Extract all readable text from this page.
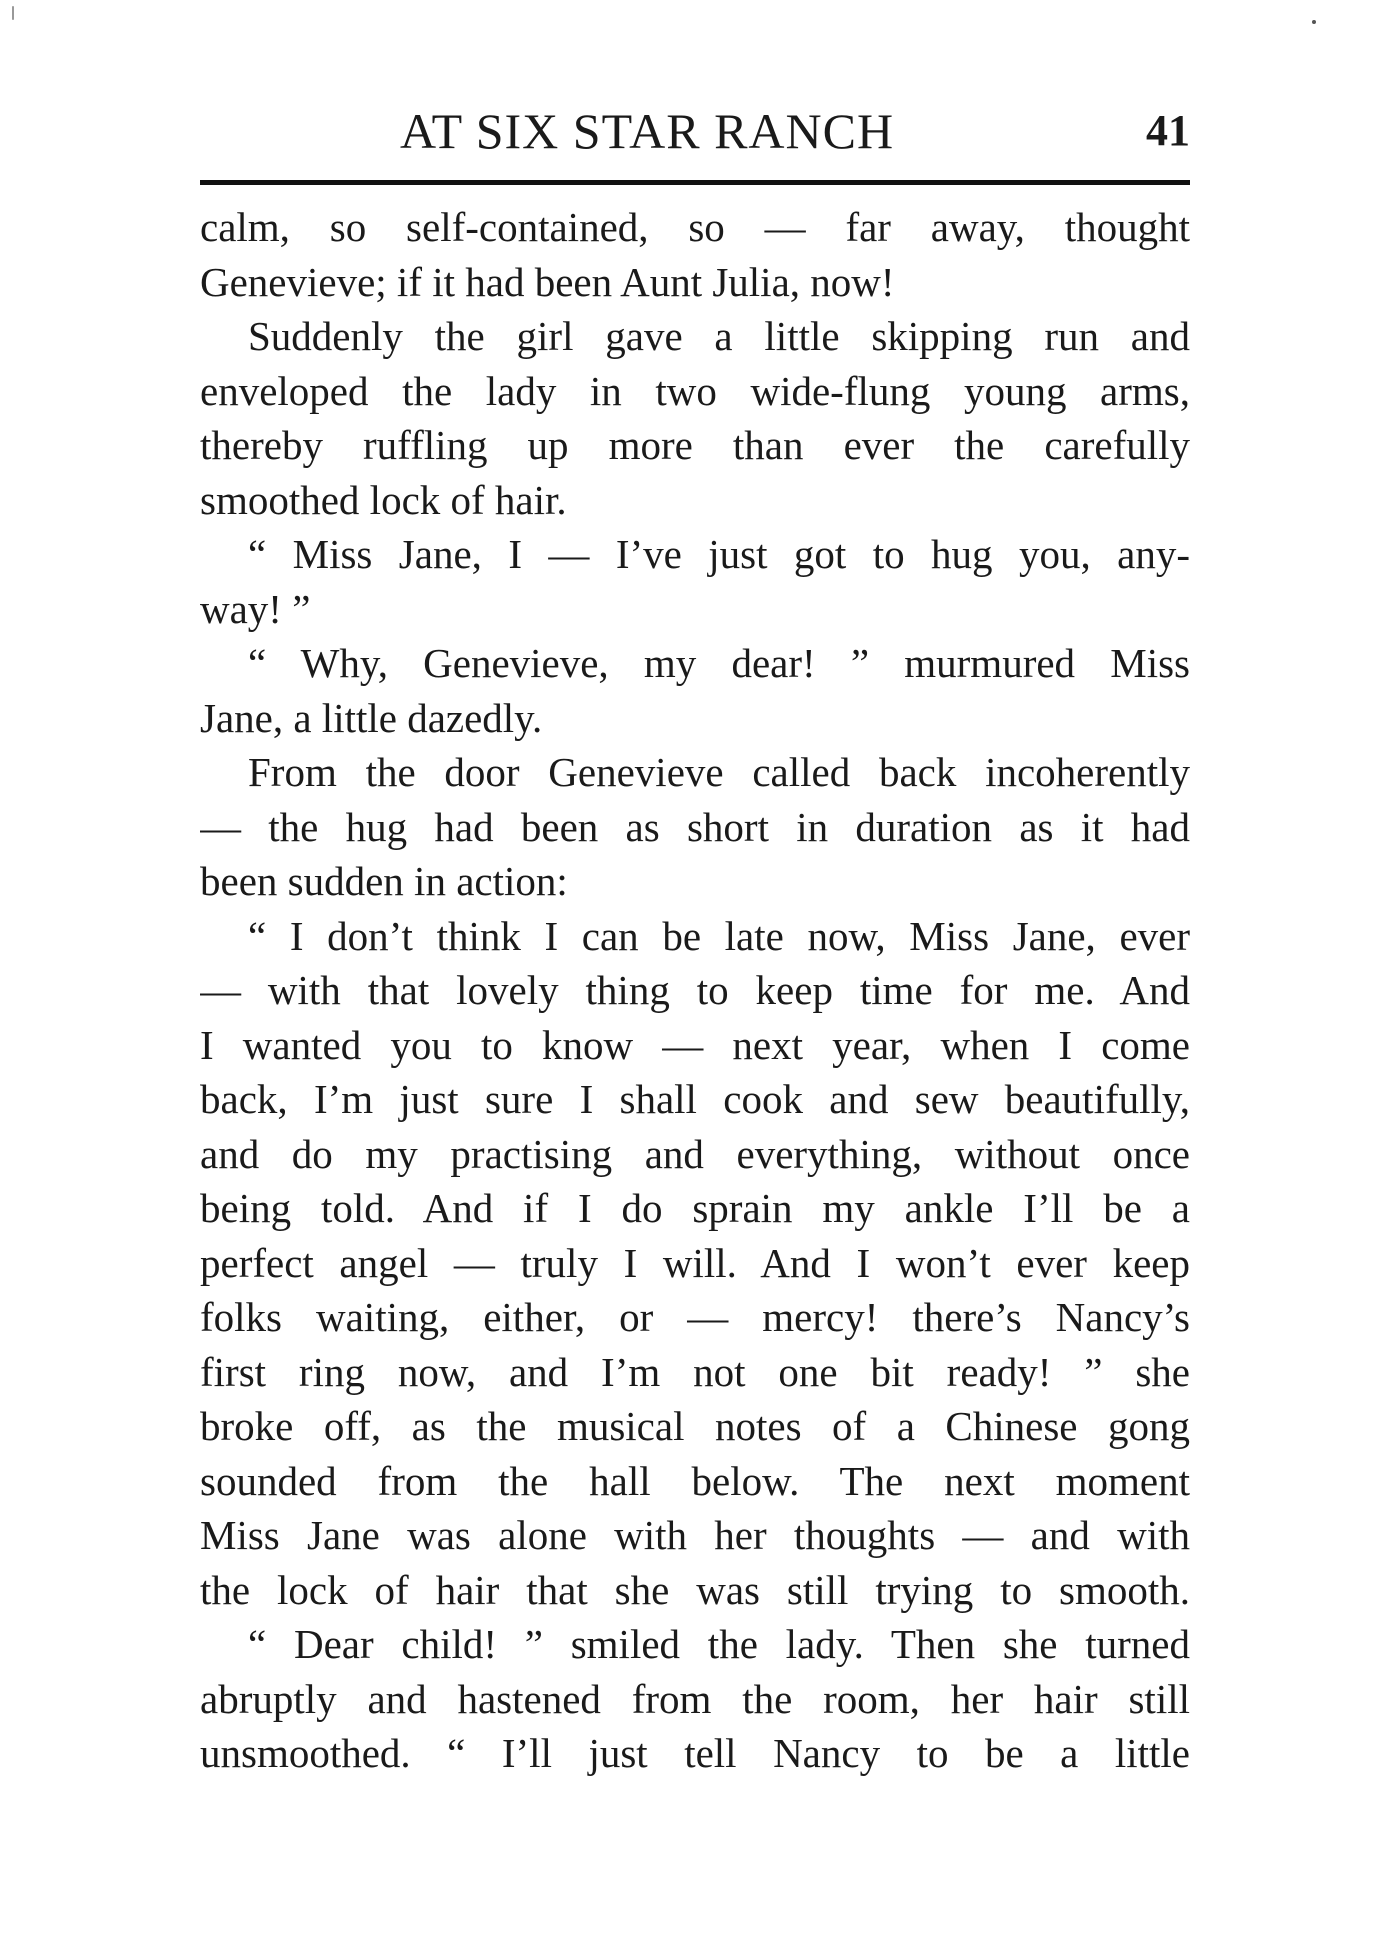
AT SIX STAR RANCH	41
calm, so self-contained, so — far away, thought
Genevieve; if it had been Aunt Julia, now!
Suddenly the girl gave a little skipping run and
enveloped the lady in two wide-flung young arms,
thereby ruffling up more than ever the carefully
smoothed lock of hair.
“ Miss Jane, I — I’ve just got to hug you, any-
way! ”
“ Why, Genevieve, my dear! ” murmured Miss
Jane, a little dazedly.
From the door Genevieve called back incoherently
— the hug had been as short in duration as it had
been sudden in action:
“ I don’t think I can be late now, Miss Jane, ever
— with that lovely thing to keep time for me. And
I wanted you to know — next year, when I come
back, I’m just sure I shall cook and sew beautifully,
and do my practising and everything, without once
being told. And if I do sprain my ankle I’ll be a
perfect angel — truly I will. And I won’t ever keep
folks waiting, either, or — mercy! there’s Nancy’s
first ring now, and I’m not one bit ready! ” she
broke off, as the musical notes of a Chinese gong
sounded from the hall below. The next moment
Miss Jane was alone with her thoughts — and with
the lock of hair that she was still trying to smooth.
“ Dear child! ” smiled the lady. Then she turned
abruptly and hastened from the room, her hair still
unsmoothed. “ I’ll just tell Nancy to be a little
